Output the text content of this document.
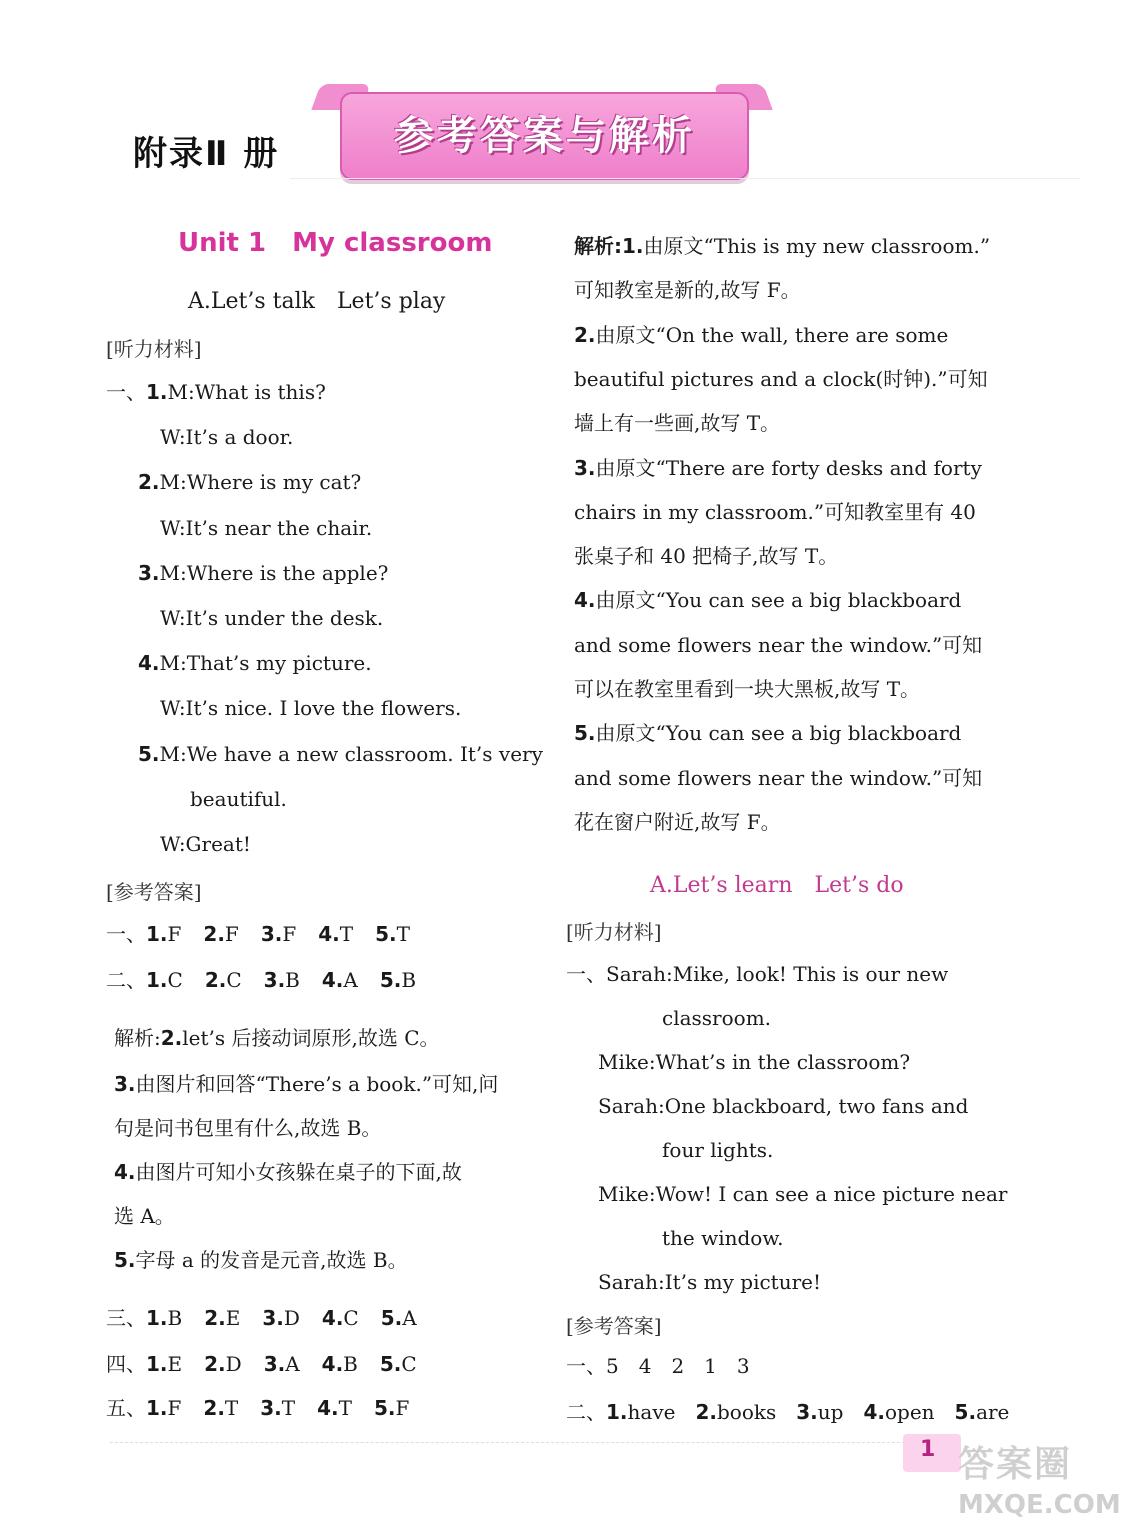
附录Ⅱ 册	参考答案与解析
Unit 1　My classroom
A.Let’s talk　Let’s play
[听力材料]
一、1.M:What is this?
W:It’s a door.
2.M:Where is my cat?
W:It’s near the chair.
3.M:Where is the apple?
W:It’s under the desk.
4.M:That’s my picture.
W:It’s nice. I love the flowers.
5.M:We have a new classroom. It’s very
beautiful.
W:Great!
[参考答案]
一、1.F 2.F 3.F 4.T 5.T
二、1.C 2.C 3.B 4.A 5.B
解析:2.let’s 后接动词原形,故选 C。
3.由图片和回答“There’s a book.”可知,问
句是问书包里有什么,故选 B。
4.由图片可知小女孩躲在桌子的下面,故
选 A。
5.字母 a 的发音是元音,故选 B。
三、1.B 2.E 3.D 4.C 5.A
四、1.E 2.D 3.A 4.B 5.C
五、1.F 2.T 3.T 4.T 5.F
解析:1.由原文“This is my new classroom.”
可知教室是新的,故写 F。
2.由原文“On the wall, there are some
beautiful pictures and a clock(时钟).”可知
墙上有一些画,故写 T。
3.由原文“There are forty desks and forty
chairs in my classroom.”可知教室里有 40
张桌子和 40 把椅子,故写 T。
4.由原文“You can see a big blackboard
and some flowers near the window.”可知
可以在教室里看到一块大黑板,故写 T。
5.由原文“You can see a big blackboard
and some flowers near the window.”可知
花在窗户附近,故写 F。
A.Let’s learn　Let’s do
[听力材料]
一、Sarah:Mike, look! This is our new
classroom.
Mike:What’s in the classroom?
Sarah:One blackboard, two fans and
four lights.
Mike:Wow! I can see a nice picture near
the window.
Sarah:It’s my picture!
[参考答案]
一、5　4　2　1　3
二、1.have 2.books 3.up 4.open 5.are
1 答案圈
MXQE.COM
